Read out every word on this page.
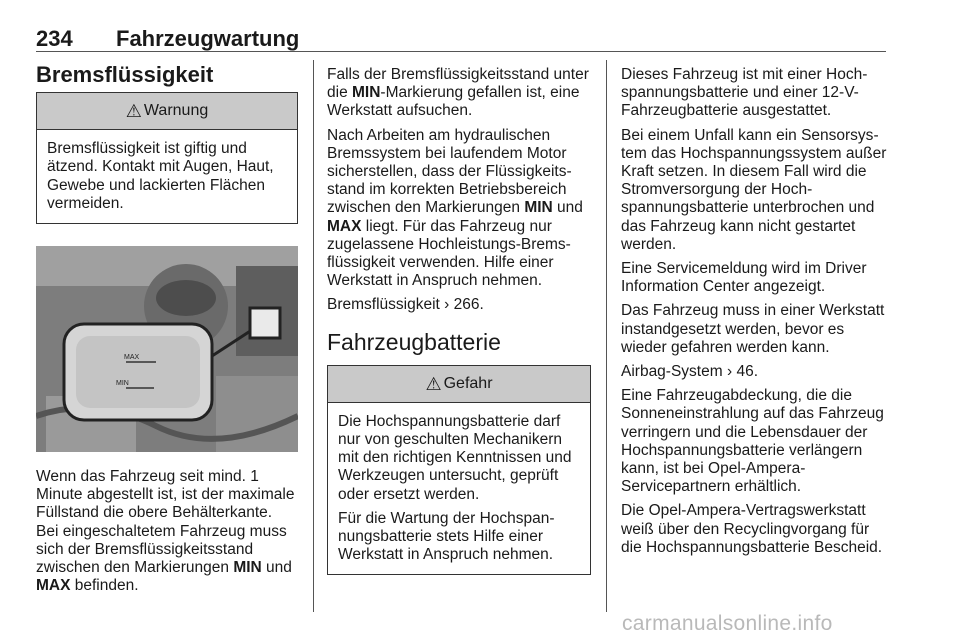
234 Fahrzeugwartung
Bremsflüssigkeit
⚠ Warnung
Bremsflüssigkeit ist giftig und ätzend. Kontakt mit Augen, Haut, Gewebe und lackierten Flächen vermeiden.
MAX
MIN

Wenn das Fahrzeug seit mind. 1 Minute abgestellt ist, ist der maximale Füllstand die obere Behälterkante. Bei eingeschaltetem Fahrzeug muss sich der Bremsflüssigkeitsstand zwischen den Markierungen MIN und MAX befinden.

Falls der Bremsflüssigkeitsstand unter die MIN-Markierung gefallen ist, eine Werkstatt aufsuchen.

Nach Arbeiten am hydraulischen Bremssystem bei laufendem Motor sicherstellen, dass der Flüssigkeitsstand im korrekten Betriebsbereich zwischen den Markierungen MIN und MAX liegt. Für das Fahrzeug nur zugelassene Hochleistungs-Bremsflüssigkeit verwenden. Hilfe einer Werkstatt in Anspruch nehmen.

Bremsflüssigkeit › 266.

Fahrzeugbatterie
⚠ Gefahr

Die Hochspannungsbatterie darf nur von geschulten Mechanikern mit den richtigen Kenntnissen und Werkzeugen untersucht, geprüft oder ersetzt werden.

Für die Wartung der Hochspannungsbatterie stets Hilfe einer Werkstatt in Anspruch nehmen.

Dieses Fahrzeug ist mit einer Hochspannungsbatterie und einer 12-V-Fahrzeugbatterie ausgestattet.

Bei einem Unfall kann ein Sensorsystem das Hochspannungssystem außer Kraft setzen. In diesem Fall wird die Stromversorgung der Hochspannungsbatterie unterbrochen und das Fahrzeug kann nicht gestartet werden.

Eine Servicemeldung wird im Driver Information Center angezeigt.

Das Fahrzeug muss in einer Werkstatt instandgesetzt werden, bevor es wieder gefahren werden kann.

Airbag-System › 46.

Eine Fahrzeugabdeckung, die die Sonneneinstrahlung auf das Fahrzeug verringern und die Lebensdauer der Hochspannungsbatterie verlängern kann, ist bei Opel-Ampera-Servicepartnern erhältlich.

Die Opel-Ampera-Vertragswerkstatt weiß über den Recyclingvorgang für die Hochspannungsbatterie Bescheid.

carmanualsonline.info
